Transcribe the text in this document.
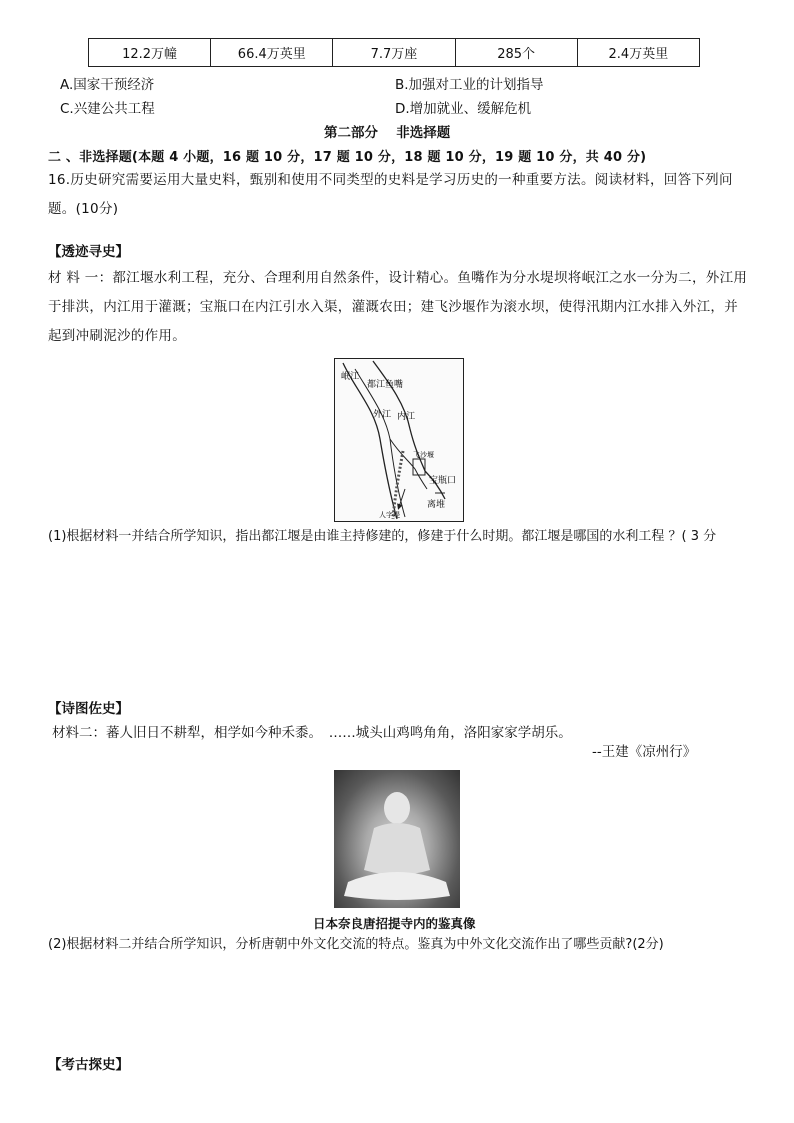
12.2万幢	66.4万英里	7.7万座	285个	2.4万英里
A.国家干预经济	B.加强对工业的计划指导
C.兴建公共工程	D.增加就业、缓解危机
第二部分　 非选择题
二 、非选择题(本题 4 小题，16 题 10 分，17 题 10 分，18 题 10 分，19 题 10 分，共 40 分)
16.历史研究需要运用大量史料，甄别和使用不同类型的史料是学习历史的一种重要方法。阅读材料，回答下列问题。(10分)
【透迹寻史】
材 料 一：都江堰水利工程，充分、合理利用自然条件，设计精心。鱼嘴作为分水堤坝将岷江之水一分为二，外江用于排洪，内江用于灌溉；宝瓶口在内江引水入渠，灌溉农田；建飞沙堰作为滚水坝，使得汛期内江水排入外江，并起到冲刷泥沙的作用。
岷江
都江鱼嘴
外江 内江
飞沙堰
宝瓶口
离堆
人字堤
(1)根据材料一并结合所学知识，指出都江堰是由谁主持修建的，修建于什么时期。都江堰是哪国的水利工程 ？( 3 分
【诗图佐史】
材料二：蕃人旧日不耕犁，相学如今种禾黍。　……城头山鸡鸣角角，洛阳家家学胡乐。
--王建《凉州行》
日本奈良唐招提寺内的鉴真像
(2)根据材料二并结合所学知识，分析唐朝中外文化交流的特点。鉴真为中外文化交流作出了哪些贡献?(2分)
【考古探史】
